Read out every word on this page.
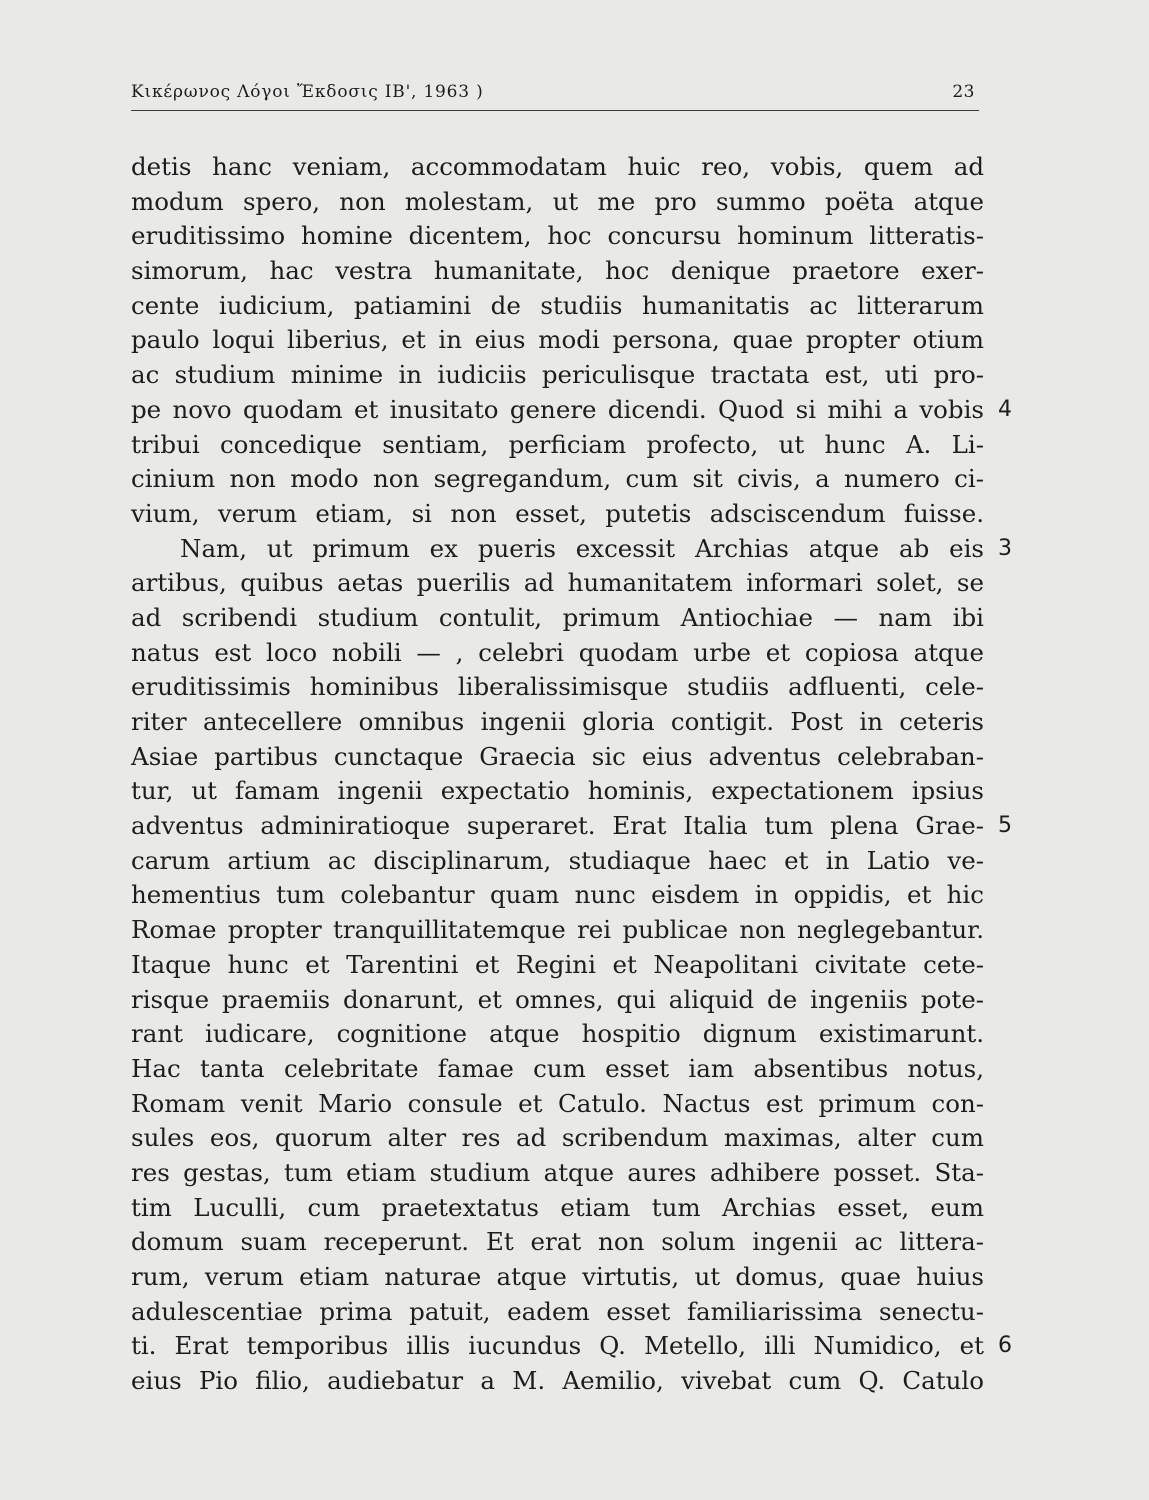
Κικέρωνος Λόγοι Ἔκδοσις ΙΒ', 1963 )	23
detis hanc veniam, accommodatam huic reo, vobis, quem ad
modum spero, non molestam, ut me pro summo poëta atque
eruditissimo homine dicentem, hoc concursu hominum litteratis-
simorum, hac vestra humanitate, hoc denique praetore exer-
cente iudicium, patiamini de studiis humanitatis ac litterarum
paulo loqui liberius, et in eius modi persona, quae propter otium
ac studium minime in iudiciis periculisque tractata est, uti pro-
pe novo quodam et inusitato genere dicendi. Quod si mihi a vobis 4
tribui concedique sentiam, perficiam profecto, ut hunc A. Li-
cinium non modo non segregandum, cum sit civis, a numero ci-
vium, verum etiam, si non esset, putetis adsciscendum fuisse.
Nam, ut primum ex pueris excessit Archias atque ab eis 3
artibus, quibus aetas puerilis ad humanitatem informari solet, se
ad scribendi studium contulit, primum Antiochiae — nam ibi
natus est loco nobili — , celebri quodam urbe et copiosa atque
eruditissimis hominibus liberalissimisque studiis adfluenti, cele-
riter antecellere omnibus ingenii gloria contigit. Post in ceteris
Asiae partibus cunctaque Graecia sic eius adventus celebraban-
tur, ut famam ingenii expectatio hominis, expectationem ipsius
adventus adminiratioque superaret. Erat Italia tum plena Grae- 5
carum artium ac disciplinarum, studiaque haec et in Latio ve-
hementius tum colebantur quam nunc eisdem in oppidis, et hic
Romae propter tranquillitatemque rei publicae non neglegebantur.
Itaque hunc et Tarentini et Regini et Neapolitani civitate cete-
risque praemiis donarunt, et omnes, qui aliquid de ingeniis pote-
rant iudicare, cognitione atque hospitio dignum existimarunt.
Hac tanta celebritate famae cum esset iam absentibus notus,
Romam venit Mario consule et Catulo. Nactus est primum con-
sules eos, quorum alter res ad scribendum maximas, alter cum
res gestas, tum etiam studium atque aures adhibere posset. Sta-
tim Luculli, cum praetextatus etiam tum Archias esset, eum
domum suam receperunt. Et erat non solum ingenii ac littera-
rum, verum etiam naturae atque virtutis, ut domus, quae huius
adulescentiae prima patuit, eadem esset familiarissima senectu-
ti. Erat temporibus illis iucundus Q. Metello, illi Numidico, et 6
eius Pio filio, audiebatur a M. Aemilio, vivebat cum Q. Catulo
